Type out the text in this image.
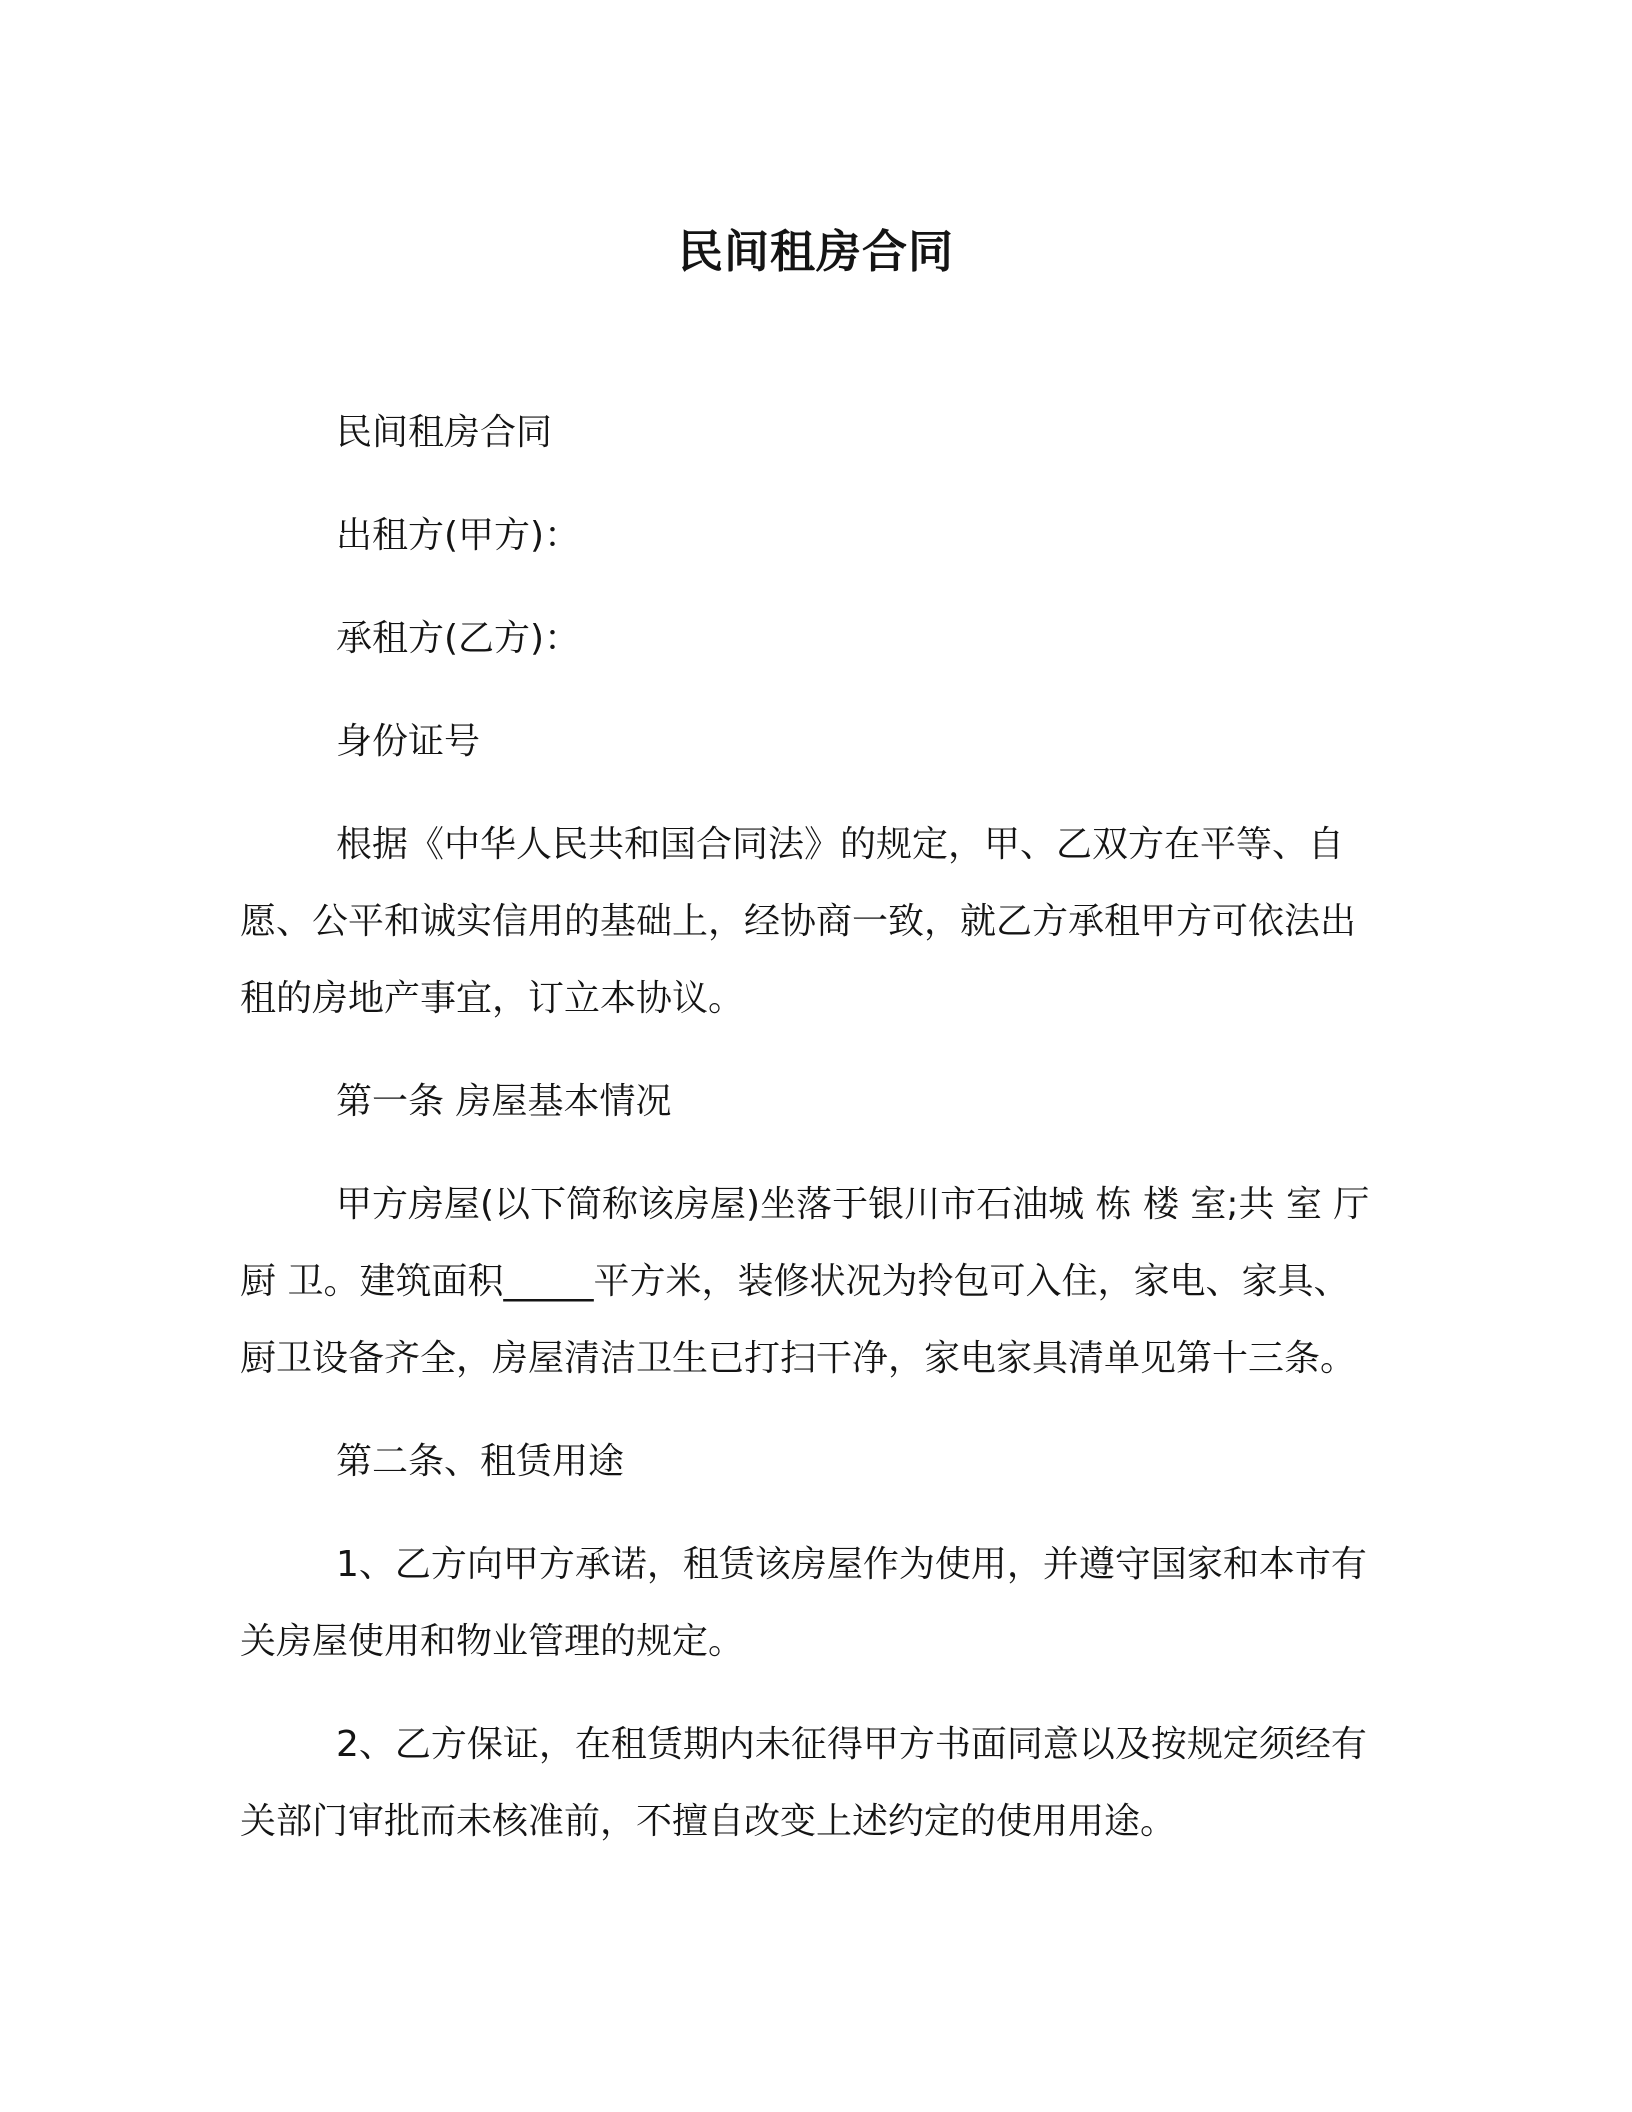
民间租房合同

民间租房合同

出租方(甲方)：

承租方(乙方)：

身份证号

根据《中华人民共和国合同法》的规定，甲、乙双方在平等、自愿、公平和诚实信用的基础上，经协商一致，就乙方承租甲方可依法出租的房地产事宜，订立本协议。

第一条 房屋基本情况

甲方房屋(以下简称该房屋)坐落于银川市石油城 栋 楼 室;共 室 厅 厨 卫。建筑面积_____平方米，装修状况为拎包可入住，家电、家具、厨卫设备齐全，房屋清洁卫生已打扫干净，家电家具清单见第十三条。

第二条、租赁用途

1、乙方向甲方承诺，租赁该房屋作为使用，并遵守国家和本市有关房屋使用和物业管理的规定。

2、乙方保证，在租赁期内未征得甲方书面同意以及按规定须经有关部门审批而未核准前，不擅自改变上述约定的使用用途。
